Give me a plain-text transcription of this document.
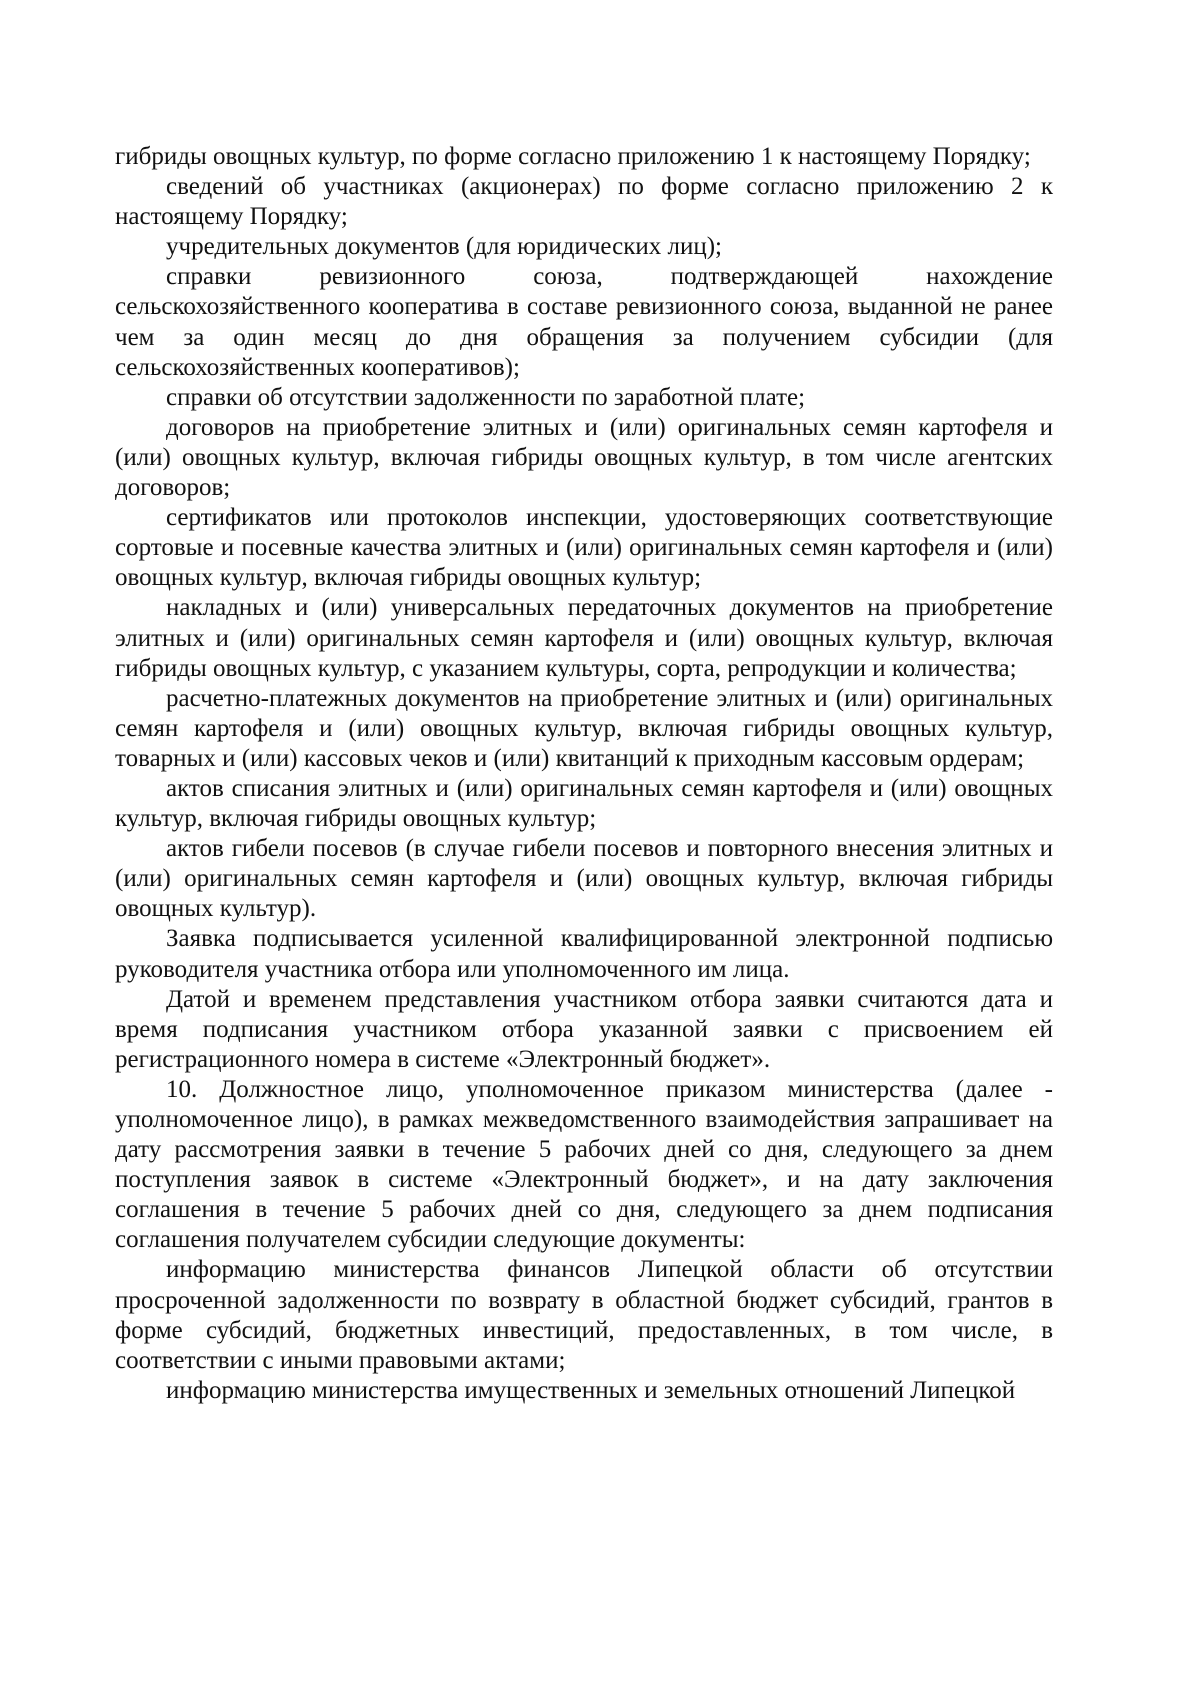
гибриды овощных культур, по форме согласно приложению 1 к настоящему Порядку;

сведений об участниках (акционерах) по форме согласно приложению 2 к настоящему Порядку;

учредительных документов (для юридических лиц);

справки ревизионного союза, подтверждающей нахождение сельскохозяйственного кооператива в составе ревизионного союза, выданной не ранее чем за один месяц до дня обращения за получением субсидии (для сельскохозяйственных кооперативов);

справки об отсутствии задолженности по заработной плате;

договоров на приобретение элитных и (или) оригинальных семян картофеля и (или) овощных культур, включая гибриды овощных культур, в том числе агентских договоров;

сертификатов или протоколов инспекции, удостоверяющих соответствующие сортовые и посевные качества элитных и (или) оригинальных семян картофеля и (или) овощных культур, включая гибриды овощных культур;

накладных и (или) универсальных передаточных документов на приобретение элитных и (или) оригинальных семян картофеля и (или) овощных культур, включая гибриды овощных культур, с указанием культуры, сорта, репродукции и количества;

расчетно-платежных документов на приобретение элитных и (или) оригинальных семян картофеля и (или) овощных культур, включая гибриды овощных культур, товарных и (или) кассовых чеков и (или) квитанций к приходным кассовым ордерам;

актов списания элитных и (или) оригинальных семян картофеля и (или) овощных культур, включая гибриды овощных культур;

актов гибели посевов (в случае гибели посевов и повторного внесения элитных и (или) оригинальных семян картофеля и (или) овощных культур, включая гибриды овощных культур).

Заявка подписывается усиленной квалифицированной электронной подписью руководителя участника отбора или уполномоченного им лица.

Датой и временем представления участником отбора заявки считаются дата и время подписания участником отбора указанной заявки с присвоением ей регистрационного номера в системе «Электронный бюджет».

10. Должностное лицо, уполномоченное приказом министерства (далее - уполномоченное лицо), в рамках межведомственного взаимодействия запрашивает на дату рассмотрения заявки в течение 5 рабочих дней со дня, следующего за днем поступления заявок в системе «Электронный бюджет», и на дату заключения соглашения в течение 5 рабочих дней со дня, следующего за днем подписания соглашения получателем субсидии следующие документы:

информацию министерства финансов Липецкой области об отсутствии просроченной задолженности по возврату в областной бюджет субсидий, грантов в форме субсидий, бюджетных инвестиций, предоставленных, в том числе, в соответствии с иными правовыми актами;

информацию министерства имущественных и земельных отношений Липецкой
